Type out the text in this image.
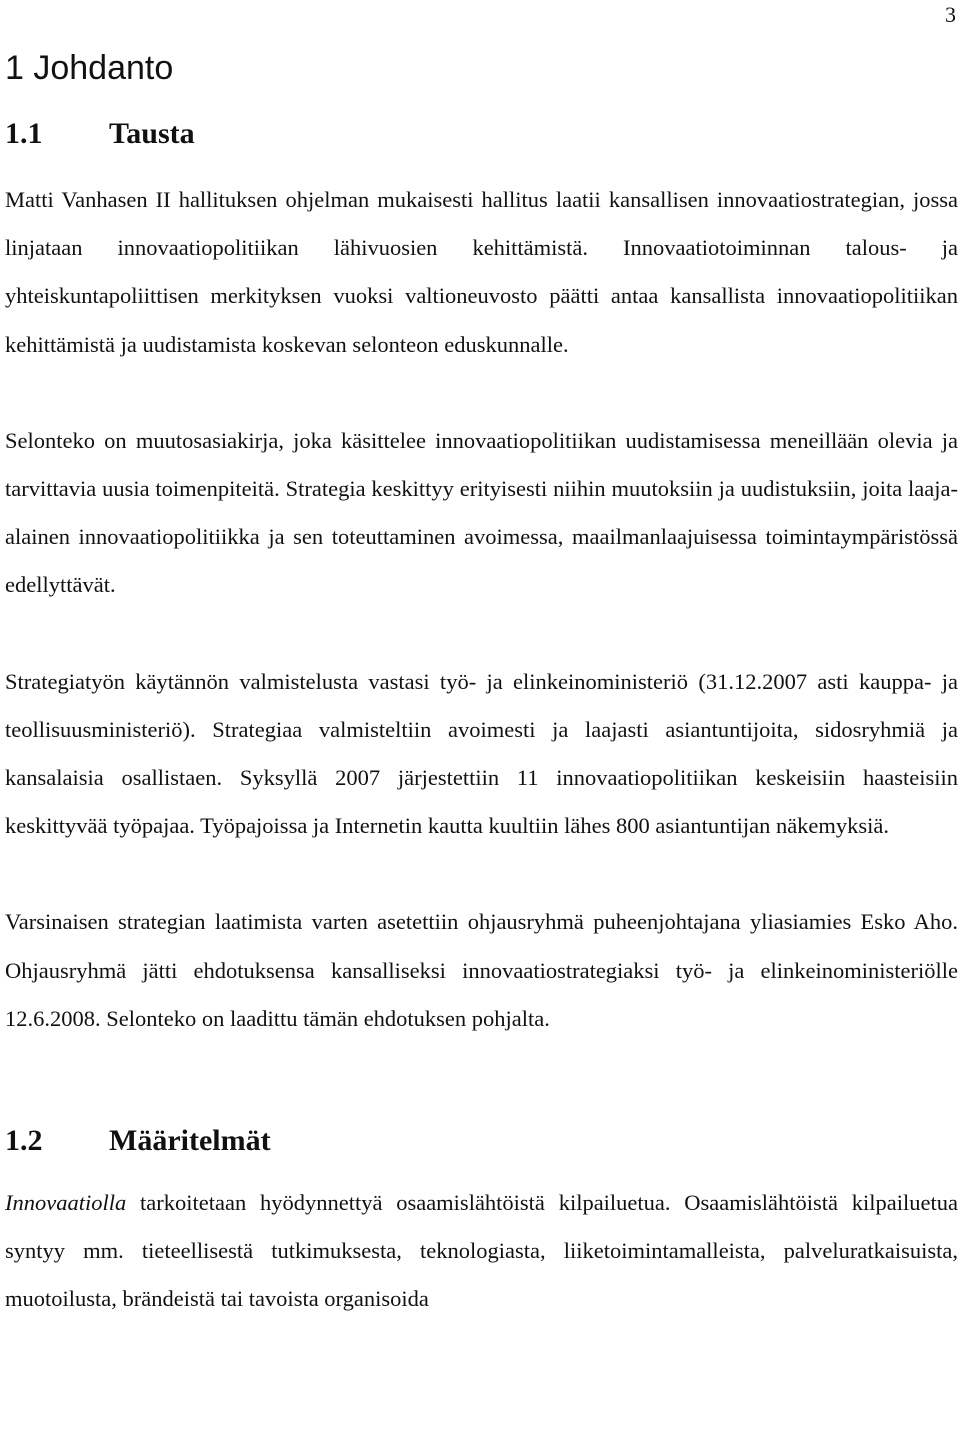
3
1 Johdanto
1.1 Tausta

Matti Vanhasen II hallituksen ohjelman mukaisesti hallitus laatii kansallisen innovaatiostrategian, jossa linjataan innovaatiopolitiikan lähivuosien kehittämistä. Innovaatiotoiminnan talous- ja yhteiskuntapoliittisen merkityksen vuoksi valtioneuvosto päätti antaa kansallista innovaatiopolitiikan kehittämistä ja uudistamista koskevan selonteon eduskunnalle.

Selonteko on muutosasiakirja, joka käsittelee innovaatiopolitiikan uudistamisessa meneillään olevia ja tarvittavia uusia toimenpiteitä. Strategia keskittyy erityisesti niihin muutoksiin ja uudistuksiin, joita laaja-alainen innovaatiopolitiikka ja sen toteuttaminen avoimessa, maailmanlaajuisessa toimintaympäristössä edellyttävät.

Strategiatyön käytännön valmistelusta vastasi työ- ja elinkeinoministeriö (31.12.2007 asti kauppa- ja teollisuusministeriö). Strategiaa valmisteltiin avoimesti ja laajasti asiantuntijoita, sidosryhmiä ja kansalaisia osallistaen. Syksyllä 2007 järjestettiin 11 innovaatiopolitiikan keskeisiin haasteisiin keskittyvää työpajaa. Työpajoissa ja Internetin kautta kuultiin lähes 800 asiantuntijan näkemyksiä.

Varsinaisen strategian laatimista varten asetettiin ohjausryhmä puheenjohtajana yliasiamies Esko Aho. Ohjausryhmä jätti ehdotuksensa kansalliseksi innovaatiostrategiaksi työ- ja elinkeinoministeriölle 12.6.2008. Selonteko on laadittu tämän ehdotuksen pohjalta.

1.2 Määritelmät

Innovaatiolla tarkoitetaan hyödynnettyä osaamislähtöistä kilpailuetua. Osaamislähtöistä kilpailuetua syntyy mm. tieteellisestä tutkimuksesta, teknologiasta, liiketoimintamalleista, palveluratkaisuista, muotoilusta, brändeistä tai tavoista organisoida
